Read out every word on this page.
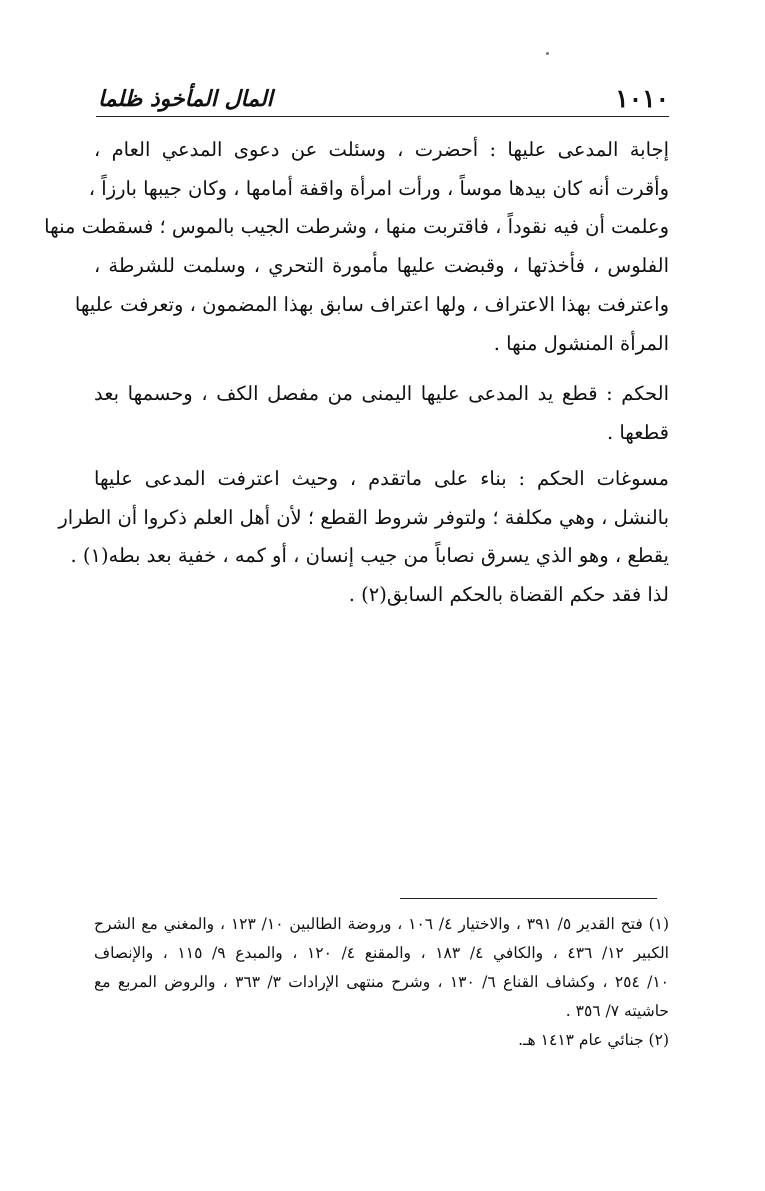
١٠١٠
المال المأخوذ ظلما
إجابة المدعى عليها : أحضرت ، وسئلت عن دعوى المدعي العام ،
وأقرت أنه كان بيدها موساً ، ورأت امرأة واقفة أمامها ، وكان جيبها بارزاً ،
وعلمت أن فيه نقوداً ، فاقتربت منها ، وشرطت الجيب بالموس ؛ فسقطت منها
الفلوس ، فأخذتها ، وقبضت عليها مأمورة التحري ، وسلمت للشرطة ،
واعترفت بهذا الاعتراف ، ولها اعتراف سابق بهذا المضمون ، وتعرفت عليها
المرأة المنشول منها .
الحكم : قطع يد المدعى عليها اليمنى من مفصل الكف ، وحسمها بعد
قطعها .
مسوغات الحكم : بناء على ماتقدم ، وحيث اعترفت المدعى عليها
بالنشل ، وهي مكلفة ؛ ولتوفر شروط القطع ؛ لأن أهل العلم ذكروا أن الطرار
يقطع ، وهو الذي يسرق نصاباً من جيب إنسان ، أو كمه ، خفية بعد بطه(١) .
لذا فقد حكم القضاة بالحكم السابق(٢) .
(١) فتح القدير ٥/ ٣٩١ ، والاختيار ٤/ ١٠٦ ، وروضة الطالبين ١٠/ ١٢٣ ، والمغني مع الشرح
الكبير ١٢/ ٤٣٦ ، والكافي ٤/ ١٨٣ ، والمقنع ٤/ ١٢٠ ، والمبدع ٩/ ١١٥ ، والإنصاف
١٠/ ٢٥٤ ، وكشاف القناع ٦/ ١٣٠ ، وشرح منتهى الإرادات ٣/ ٣٦٣ ، والروض المربع مع
حاشيته ٧/ ٣٥٦ .
(٢) جنائي عام ١٤١٣ هـ.
